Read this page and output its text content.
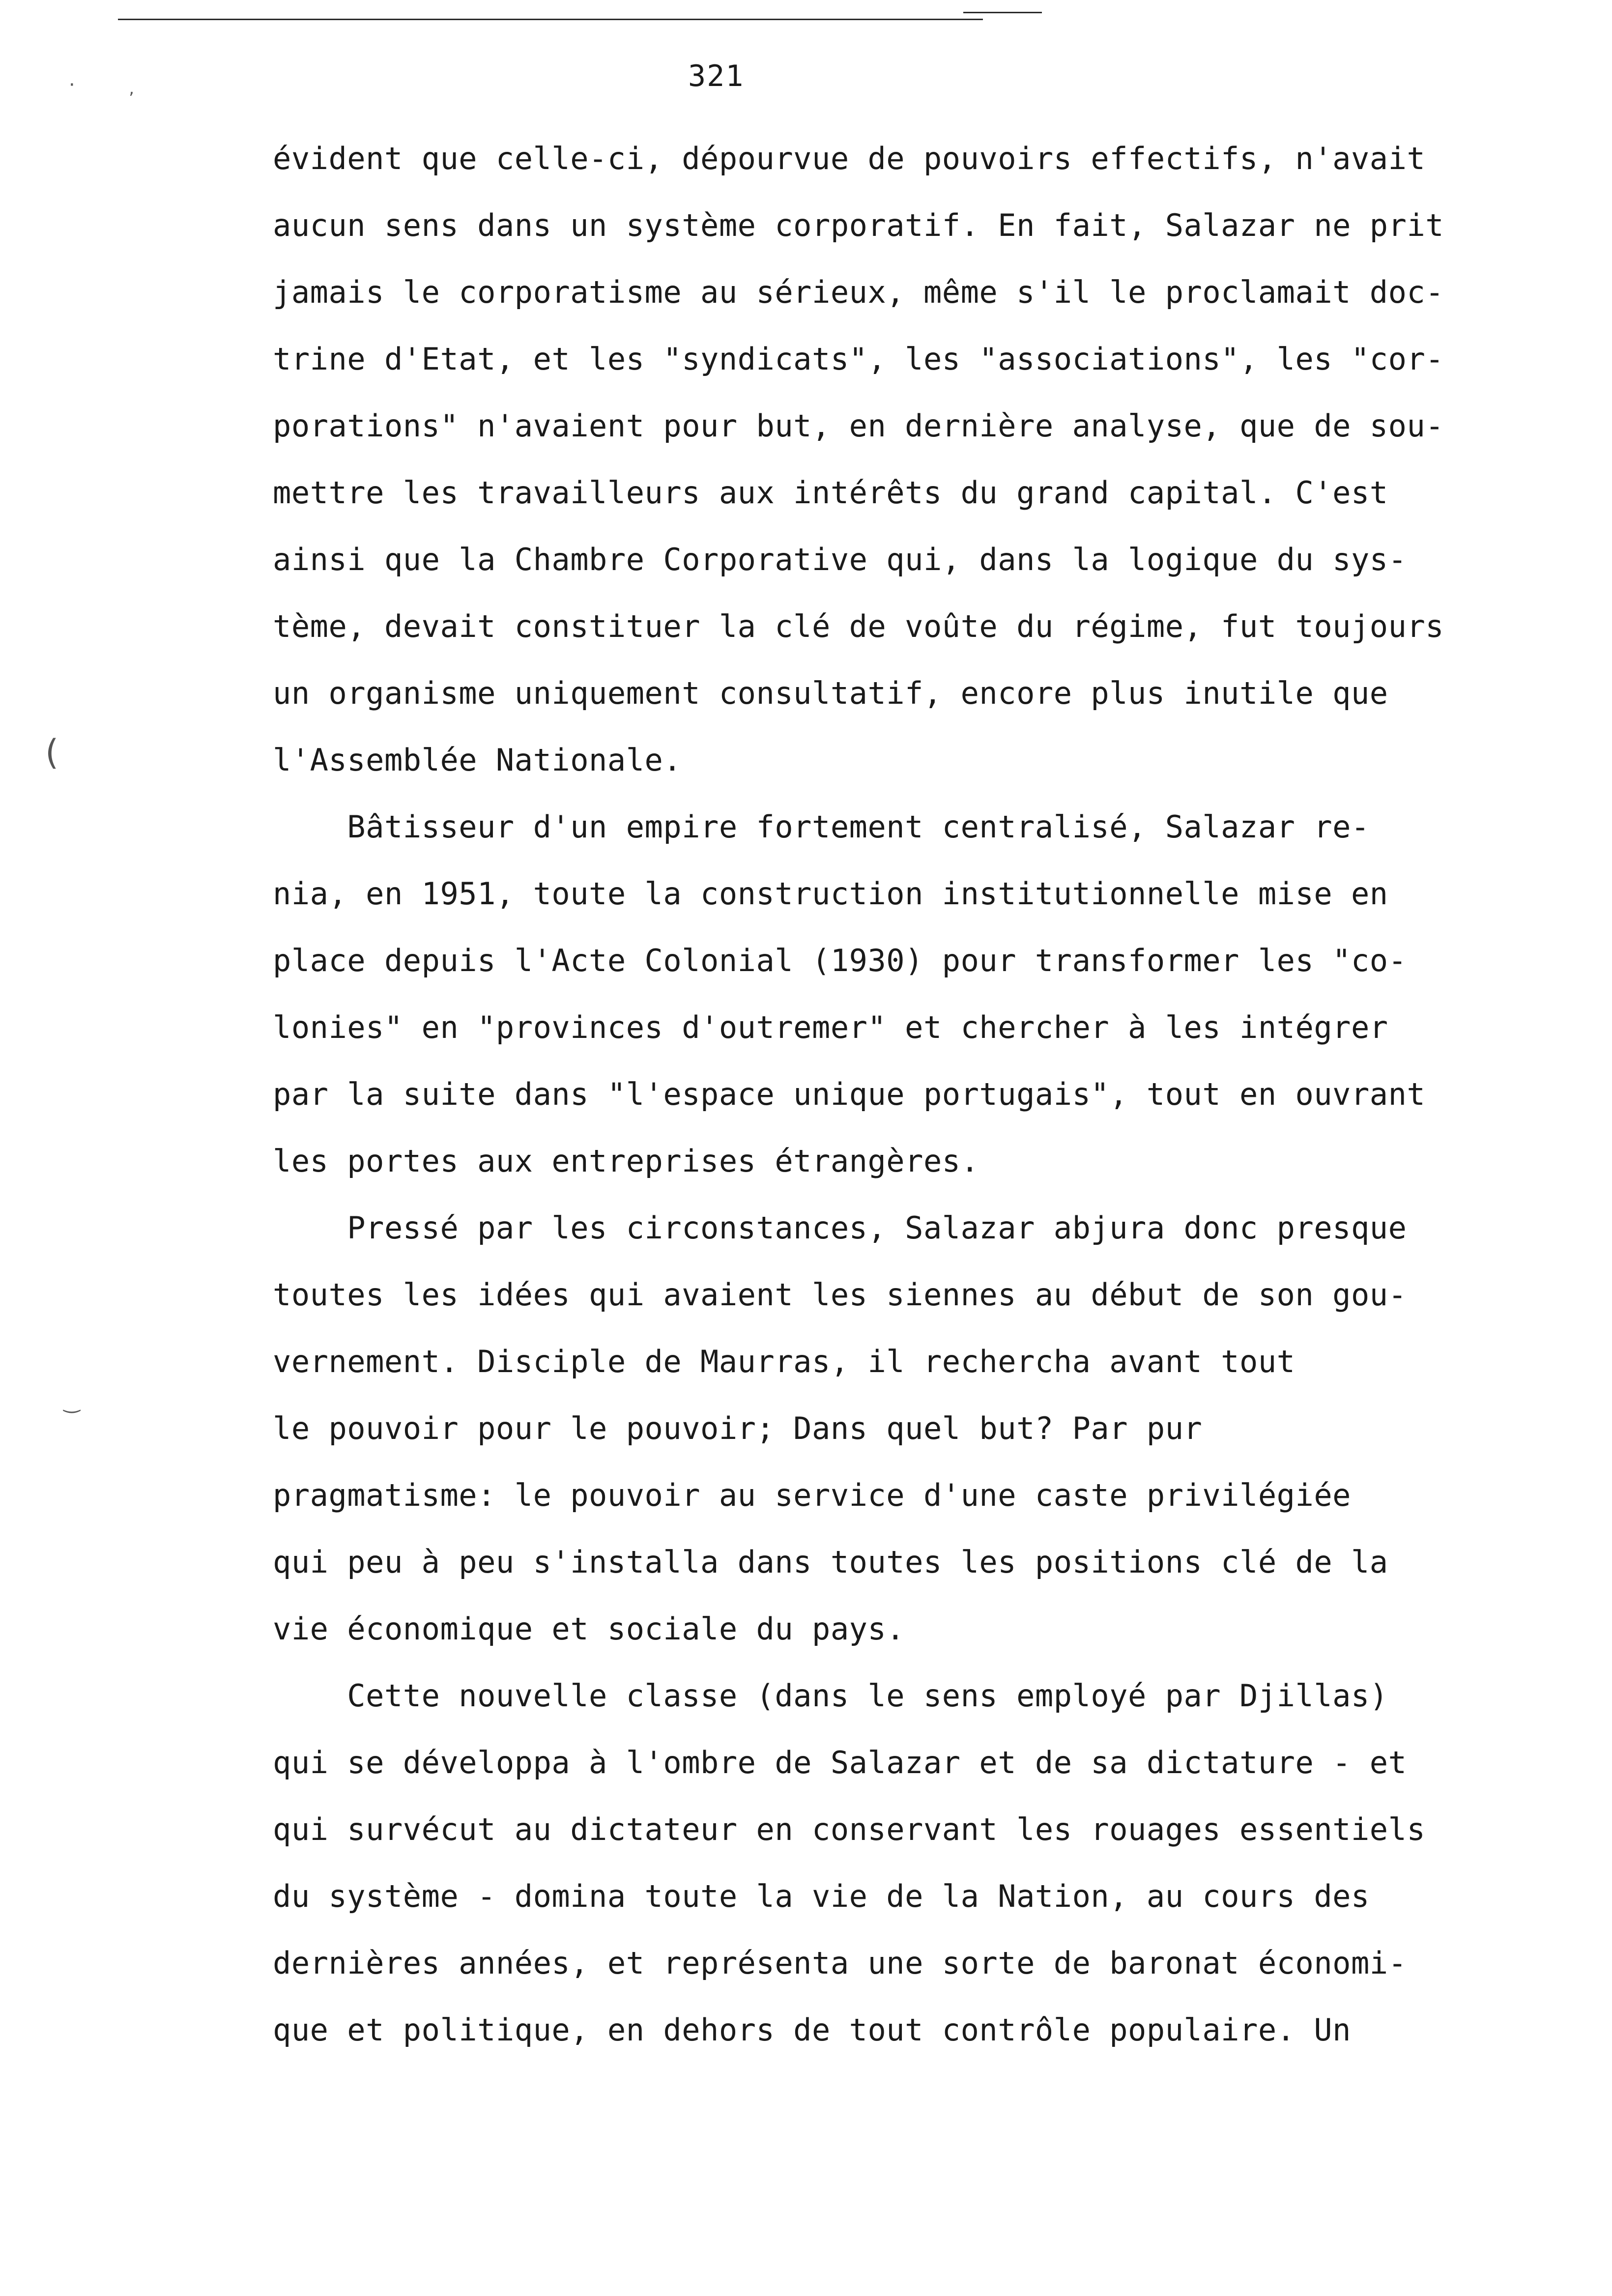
·	‚
(
‿
321
évident que celle-ci, dépourvue de pouvoirs effectifs, n'avait
aucun sens dans un système corporatif. En fait, Salazar ne prit
jamais le corporatisme au sérieux, même s'il le proclamait doc-
trine d'Etat, et les "syndicats", les "associations", les "cor-
porations" n'avaient pour but, en dernière analyse, que de sou-
mettre les travailleurs aux intérêts du grand capital. C'est
ainsi que la Chambre Corporative qui, dans la logique du sys-
tème, devait constituer la clé de voûte du régime, fut toujours
un organisme uniquement consultatif, encore plus inutile que
l'Assemblée Nationale.
Bâtisseur d'un empire fortement centralisé, Salazar re-
nia, en 1951, toute la construction institutionnelle mise en
place depuis l'Acte Colonial (1930) pour transformer les "co-
lonies" en "provinces d'outremer" et chercher à les intégrer
par la suite dans "l'espace unique portugais", tout en ouvrant
les portes aux entreprises étrangères.
Pressé par les circonstances, Salazar abjura donc presque
toutes les idées qui avaient les siennes au début de son gou-
vernement. Disciple de Maurras, il rechercha avant tout
le pouvoir pour le pouvoir; Dans quel but? Par pur
pragmatisme: le pouvoir au service d'une caste privilégiée
qui peu à peu s'installa dans toutes les positions clé de la
vie économique et sociale du pays.
Cette nouvelle classe (dans le sens employé par Djillas)
qui se développa à l'ombre de Salazar et de sa dictature - et
qui survécut au dictateur en conservant les rouages essentiels
du système - domina toute la vie de la Nation, au cours des
dernières années, et représenta une sorte de baronat économi-
que et politique, en dehors de tout contrôle populaire. Un
